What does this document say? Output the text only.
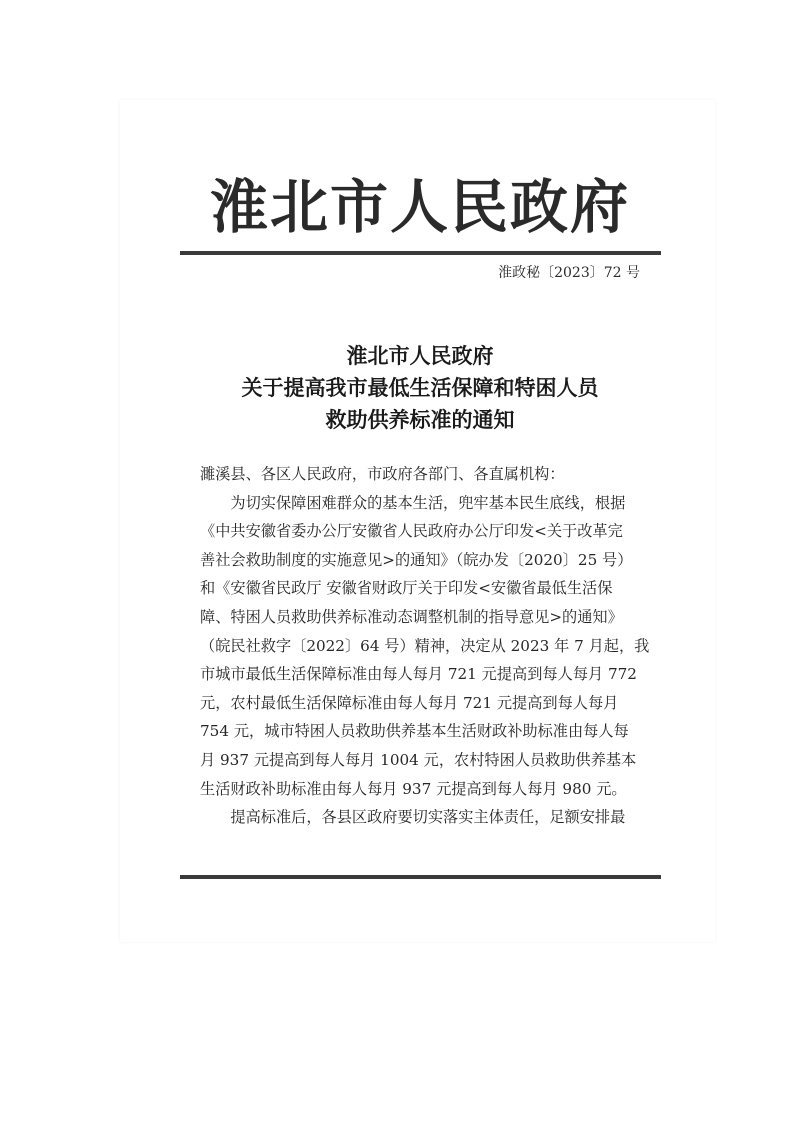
淮北市人民政府
淮政秘〔2023〕72 号
淮北市人民政府
关于提高我市最低生活保障和特困人员
救助供养标准的通知
濉溪县、各区人民政府，市政府各部门、各直属机构：
　　为切实保障困难群众的基本生活，兜牢基本民生底线，根据
《中共安徽省委办公厅安徽省人民政府办公厅印发<关于改革完
善社会救助制度的实施意见>的通知》（皖办发〔2020〕25 号）
和《安徽省民政厅 安徽省财政厅关于印发<安徽省最低生活保
障、特困人员救助供养标准动态调整机制的指导意见>的通知》
（皖民社救字〔2022〕64 号）精神，决定从 2023 年 7 月起，我
市城市最低生活保障标准由每人每月 721 元提高到每人每月 772
元，农村最低生活保障标准由每人每月 721 元提高到每人每月
754 元，城市特困人员救助供养基本生活财政补助标准由每人每
月 937 元提高到每人每月 1004 元，农村特困人员救助供养基本
生活财政补助标准由每人每月 937 元提高到每人每月 980 元。
　　提高标准后，各县区政府要切实落实主体责任，足额安排最
